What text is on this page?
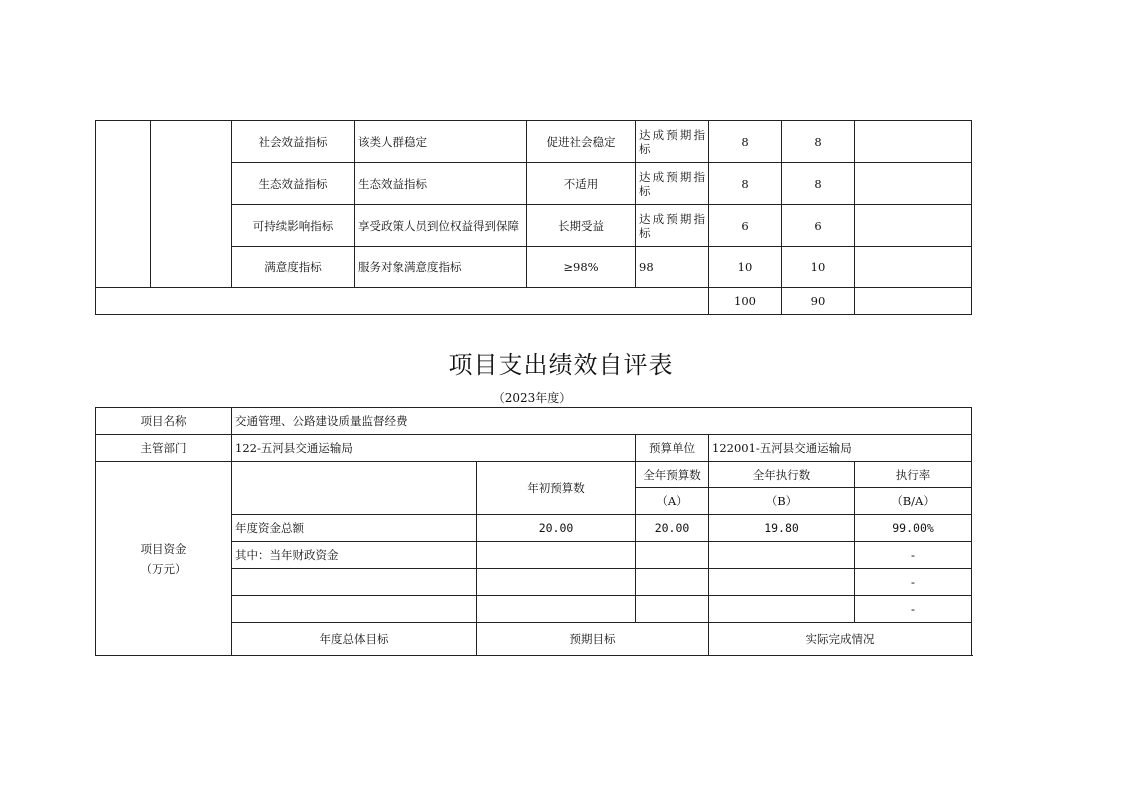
		社会效益指标	该类人群稳定	促进社会稳定	达成预期指标	8	8	
		生态效益指标	生态效益指标	不适用	达成预期指标	8	8	
		可持续影响指标	享受政策人员到位权益得到保障	长期受益	达成预期指标	6	6	
		满意度指标	服务对象满意度指标	≥98%	98	10	10	
						100	90	
项目支出绩效自评表
（2023年度）
项目名称	交通管理、公路建设质量监督经费				
主管部门	122-五河县交通运输局		预算单位	122001-五河县交通运输局	

项目资金
（万元）		年初预算数	全年预算数	全年执行数	执行率
			（A）	（B）	（B/A）
	年度资金总额	20.00	20.00	19.80	99.00%
	其中：当年财政资金				-
					-
					-
	年度总体目标	预期目标		实际完成情况	
